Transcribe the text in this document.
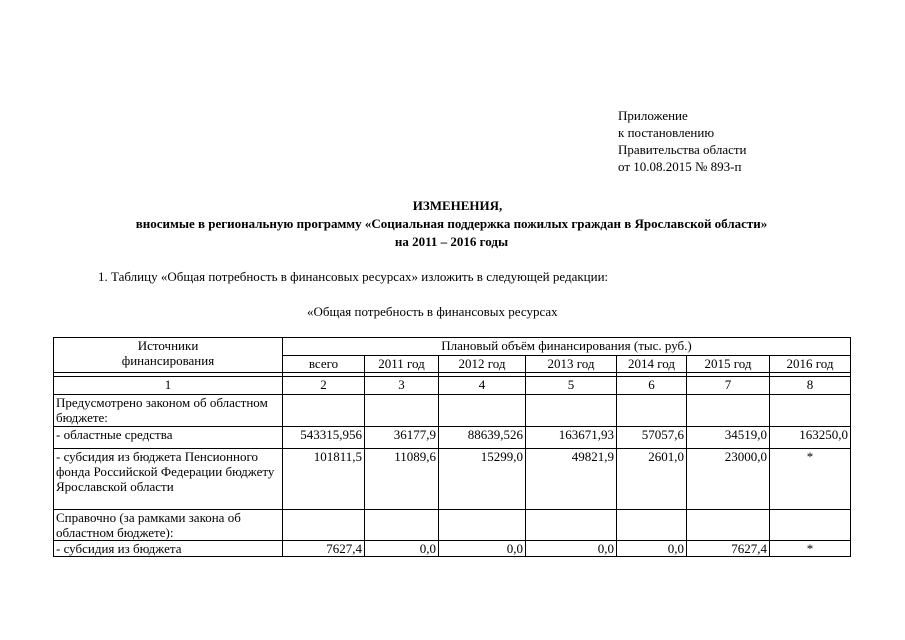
Приложение
к постановлению
Правительства области
от 10.08.2015 № 893-п
ИЗМЕНЕНИЯ,
вносимые в региональную программу «Социальная поддержка пожилых граждан в Ярославской области»
на 2011 – 2016 годы
1. Таблицу «Общая потребность в финансовых ресурсах» изложить в следующей редакции:
«Общая потребность в финансовых ресурсах
Источники
финансирования	Плановый объём финансирования (тыс. руб.)						
	всего	2011 год	2012 год	2013 год	2014 год	2015 год	2016 год

1	2	3	4	5	6	7	8
Предусмотрено законом об областном бюджете:							
- областные средства	543315,956	36177,9	88639,526	163671,93	57057,6	34519,0	163250,0
- субсидия из бюджета Пенсионного фонда Российской Федерации бюджету Ярославской области	101811,5	11089,6	15299,0	49821,9	2601,0	23000,0	*
Справочно (за рамками закона об областном бюджете):							
- субсидия из бюджета	7627,4	0,0	0,0	0,0	0,0	7627,4	*
